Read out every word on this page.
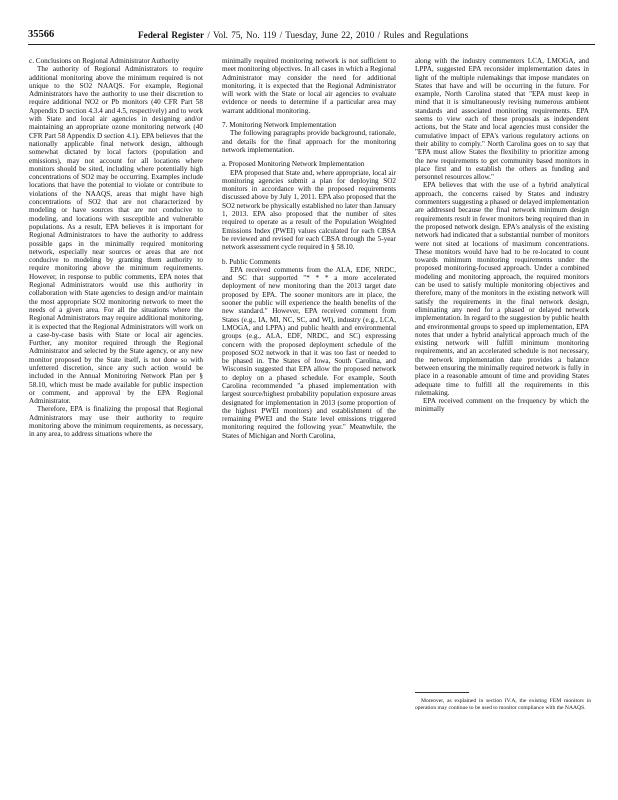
35566	Federal Register / Vol. 75, No. 119 / Tuesday, June 22, 2010 / Rules and Regulations
c. Conclusions on Regional Administrator Authority

The authority of Regional Administrators to require additional monitoring above the minimum required is not unique to the SO2 NAAQS. For example, Regional Administrators have the authority to use their discretion to require additional NO2 or Pb monitors (40 CFR Part 58 Appendix D section 4.3.4 and 4.5, respectively) and to work with State and local air agencies in designing and/or maintaining an appropriate ozone monitoring network (40 CFR Part 58 Appendix D section 4.1). EPA believes that the nationally applicable final network design, although somewhat dictated by local factors (population and emissions), may not account for all locations where monitors should be sited, including where potentially high concentrations of SO2 may be occurring. Examples include locations that have the potential to violate or contribute to violations of the NAAQS, areas that might have high concentrations of SO2 that are not characterized by modeling or have sources that are not conducive to modeling, and locations with susceptible and vulnerable populations. As a result, EPA believes it is important for Regional Administrators to have the authority to address possible gaps in the minimally required monitoring network, especially near sources or areas that are not conducive to modeling by granting them authority to require monitoring above the minimum requirements. However, in response to public comments, EPA notes that Regional Administrators would use this authority in collaboration with State agencies to design and/or maintain the most appropriate SO2 monitoring network to meet the needs of a given area. For all the situations where the Regional Administrators may require additional monitoring, it is expected that the Regional Administrators will work on a case-by-case basis with State or local air agencies. Further, any monitor required through the Regional Administrator and selected by the State agency, or any new monitor proposed by the State itself, is not done so with unfettered discretion, since any such action would be included in the Annual Monitoring Network Plan per § 58.10, which must be made available for public inspection or comment, and approval by the EPA Regional Administrator.

Therefore, EPA is finalizing the proposal that Regional Administrators may use their authority to require monitoring above the minimum requirements, as necessary, in any area, to address situations where the

minimally required monitoring network is not sufficient to meet monitoring objectives. In all cases in which a Regional Administrator may consider the need for additional monitoring, it is expected that the Regional Administrator will work with the State or local air agencies to evaluate evidence or needs to determine if a particular area may warrant additional monitoring.

7. Monitoring Network Implementation

The following paragraphs provide background, rationale, and details for the final approach for the monitoring network implementation.

a. Proposed Monitoring Network Implementation

EPA proposed that State and, where appropriate, local air monitoring agencies submit a plan for deploying SO2 monitors in accordance with the proposed requirements discussed above by July 1, 2011. EPA also proposed that the SO2 network be physically established no later than January 1, 2013. EPA also proposed that the number of sites required to operate as a result of the Population Weighted Emissions Index (PWEI) values calculated for each CBSA be reviewed and revised for each CBSA through the 5-year network assessment cycle required in § 58.10.

b. Public Comments

EPA received comments from the ALA, EDF, NRDC, and SC that supported "* * * a more accelerated deployment of new monitoring than the 2013 target date proposed by EPA. The sooner monitors are in place, the sooner the public will experience the health benefits of the new standard." However, EPA received comment from States (e.g., IA, MI, NC, SC, and WI), industry (e.g., LCA, LMOGA, and LPPA) and public health and environmental groups (e.g., ALA, EDF, NRDC, and SC) expressing concern with the proposed deployment schedule of the proposed SO2 network in that it was too fast or needed to be phased in. The States of Iowa, South Carolina, and Wisconsin suggested that EPA allow the proposed network to deploy on a phased schedule. For example, South Carolina recommended "a phased implementation with largest source/highest probability population exposure areas designated for implementation in 2013 (some proportion of the highest PWEI monitors) and establishment of the remaining PWEI and the State level emissions triggered monitoring required the following year." Meanwhile, the States of Michigan and North Carolina,

along with the industry commenters LCA, LMOGA, and LPPA, suggested EPA reconsider implementation dates in light of the multiple rulemakings that impose mandates on States that have and will be occurring in the future. For example, North Carolina stated that "EPA must keep in mind that it is simultaneously revising numerous ambient standards and associated monitoring requirements. EPA seems to view each of these proposals as independent actions, but the State and local agencies must consider the cumulative impact of EPA's various regulatory actions on their ability to comply." North Carolina goes on to say that "EPA must allow States the flexibility to prioritize among the new requirements to get community based monitors in place first and to establish the others as funding and personnel resources allow."

EPA believes that with the use of a hybrid analytical approach, the concerns raised by States and industry commenters suggesting a phased or delayed implementation are addressed because the final network minimum design requirements result in fewer monitors being required than in the proposed network design. EPA's analysis of the existing network had indicated that a substantial number of monitors were not sited at locations of maximum concentrations. These monitors would have had to be re-located to count towards minimum monitoring requirements under the proposed monitoring-focused approach. Under a combined modeling and monitoring approach, the required monitors can be used to satisfy multiple monitoring objectives and therefore, many of the monitors in the existing network will satisfy the requirements in the final network design, eliminating any need for a phased or delayed network implementation. In regard to the suggestion by public health and environmental groups to speed up implementation, EPA notes that under a hybrid analytical approach much of the existing network will fulfill minimum monitoring requirements, and an accelerated schedule is not necessary, the network implementation date provides a balance between ensuring the minimally required network is fully in place in a reasonable amount of time and providing States adequate time to fulfill all the requirements in this rulemaking.

EPA received comment on the frequency by which the minimally

Moreover, as explained in section IV.A, the existing FEM monitors in operation may continue to be used to monitor compliance with the NAAQS.
